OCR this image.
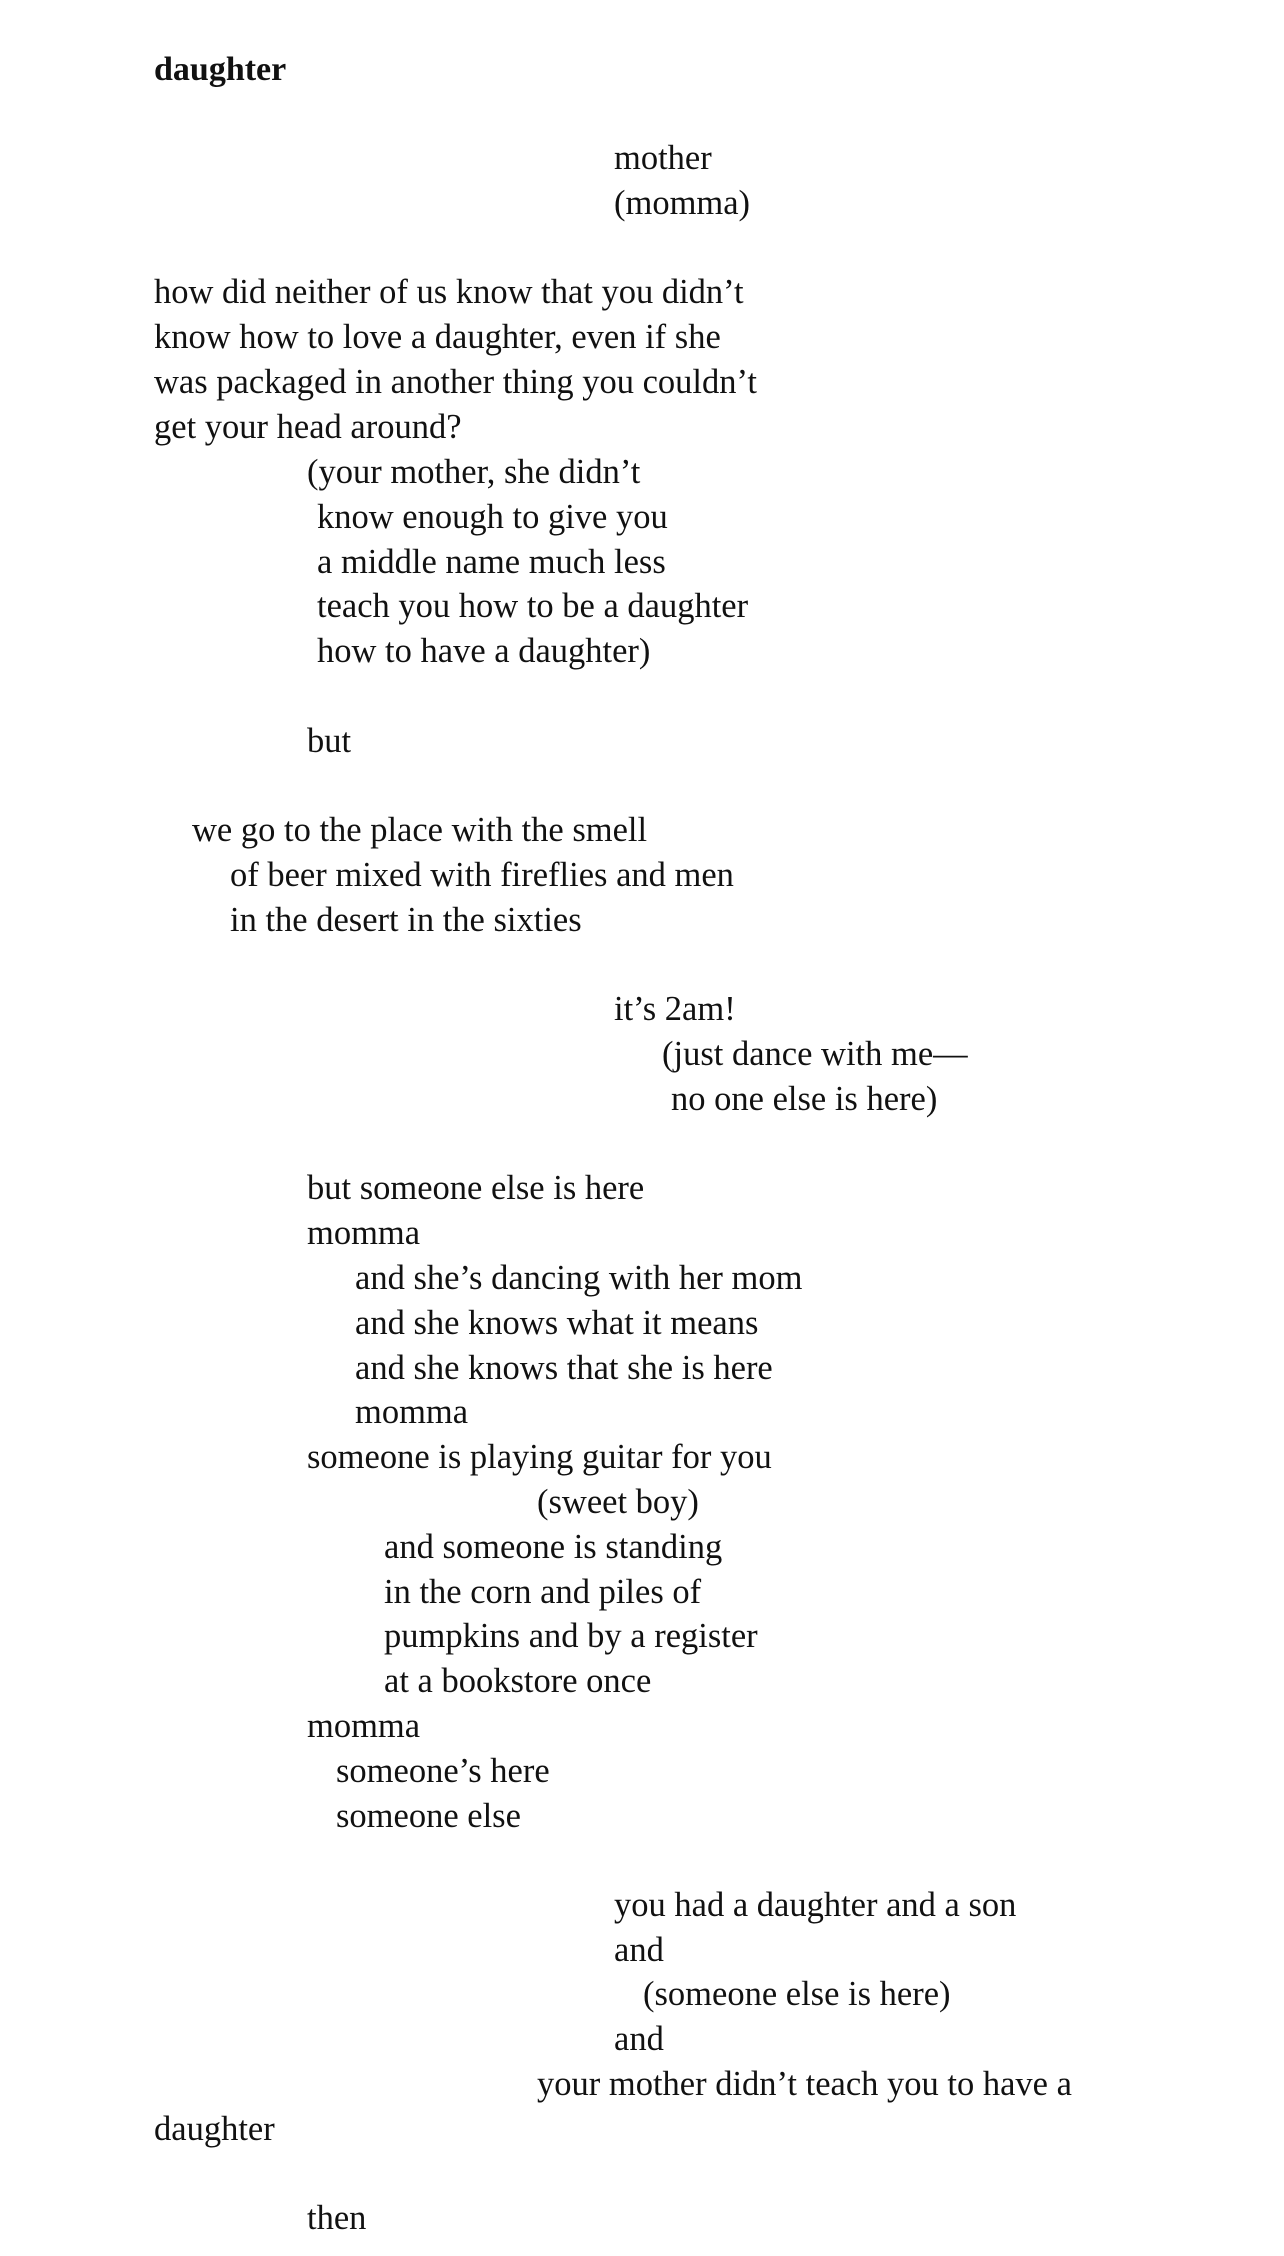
daughter
mother
(momma)
how did neither of us know that you didn’t
know how to love a daughter, even if she
was packaged in another thing you couldn’t
get your head around?
(your mother, she didn’t
know enough to give you
a middle name much less
teach you how to be a daughter
how to have a daughter)
but
we go to the place with the smell
of beer mixed with fireflies and men
in the desert in the sixties
it’s 2am!
(just dance with me—
no one else is here)
but someone else is here
momma
and she’s dancing with her mom
and she knows what it means
and she knows that she is here
momma
someone is playing guitar for you
(sweet boy)
and someone is standing
in the corn and piles of
pumpkins and by a register
at a bookstore once
momma
someone’s here
someone else
you had a daughter and a son
and
(someone else is here)
and
your mother didn’t teach you to have a
daughter
then
